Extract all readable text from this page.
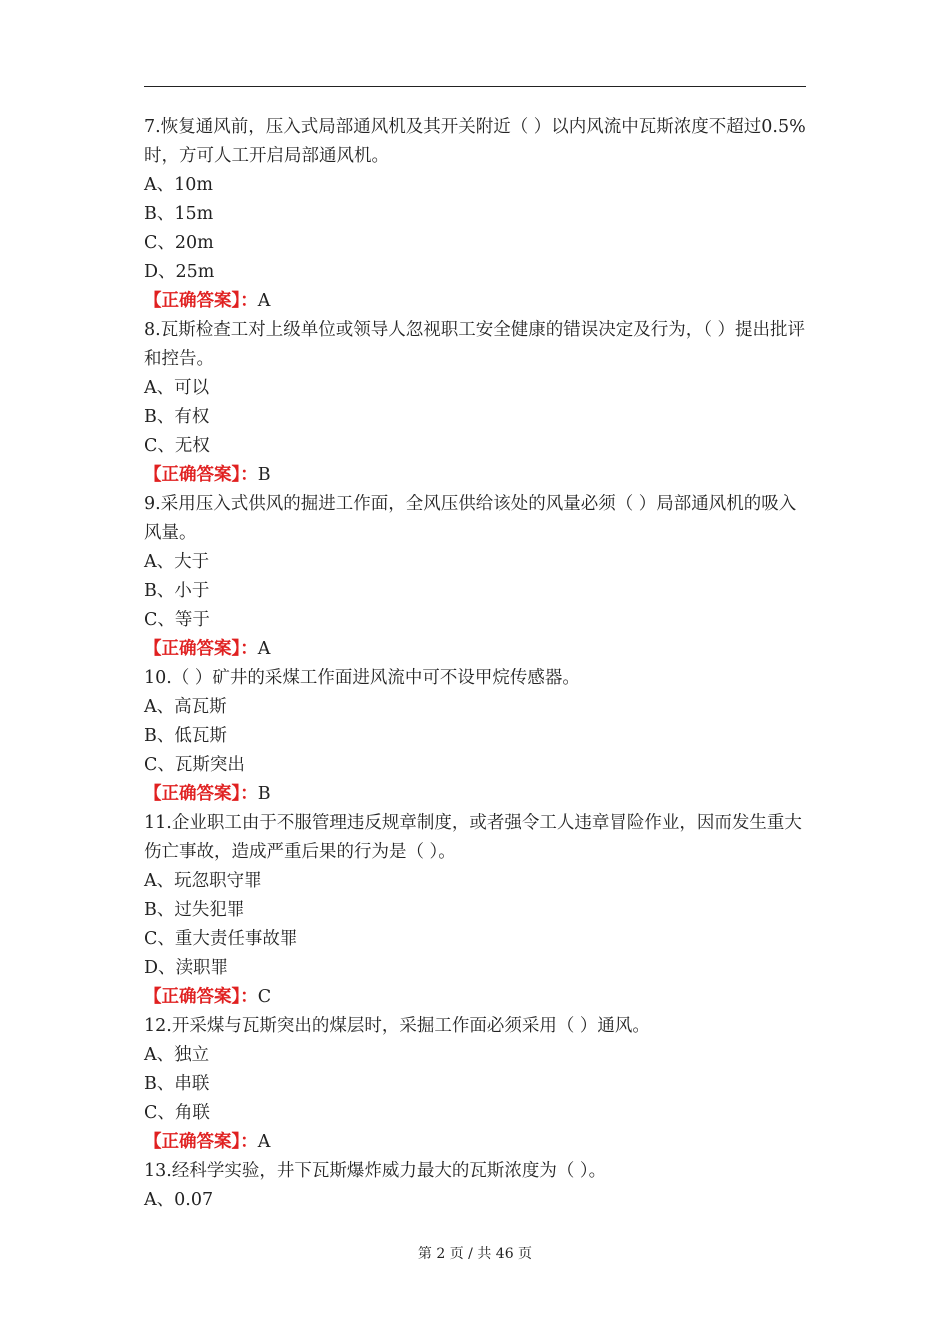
7.恢复通风前，压入式局部通风机及其开关附近（ ）以内风流中瓦斯浓度不超过0.5%时，方可人工开启局部通风机。
A、10m
B、15m
C、20m
D、25m
【正确答案】：A
8.瓦斯检查工对上级单位或领导人忽视职工安全健康的错误决定及行为，（ ）提出批评和控告。
A、可以
B、有权
C、无权
【正确答案】：B
9.采用压入式供风的掘进工作面，全风压供给该处的风量必须（ ）局部通风机的吸入风量。
A、大于
B、小于
C、等于
【正确答案】：A
10.（ ）矿井的采煤工作面进风流中可不设甲烷传感器。
A、高瓦斯
B、低瓦斯
C、瓦斯突出
【正确答案】：B
11.企业职工由于不服管理违反规章制度，或者强令工人违章冒险作业，因而发生重大伤亡事故，造成严重后果的行为是（ ）。
A、玩忽职守罪
B、过失犯罪
C、重大责任事故罪
D、渎职罪
【正确答案】：C
12.开采煤与瓦斯突出的煤层时，采掘工作面必须采用（ ）通风。
A、独立
B、串联
C、角联
【正确答案】：A
13.经科学实验，井下瓦斯爆炸威力最大的瓦斯浓度为（ ）。
A、0.07
第 2 页 / 共 46 页
